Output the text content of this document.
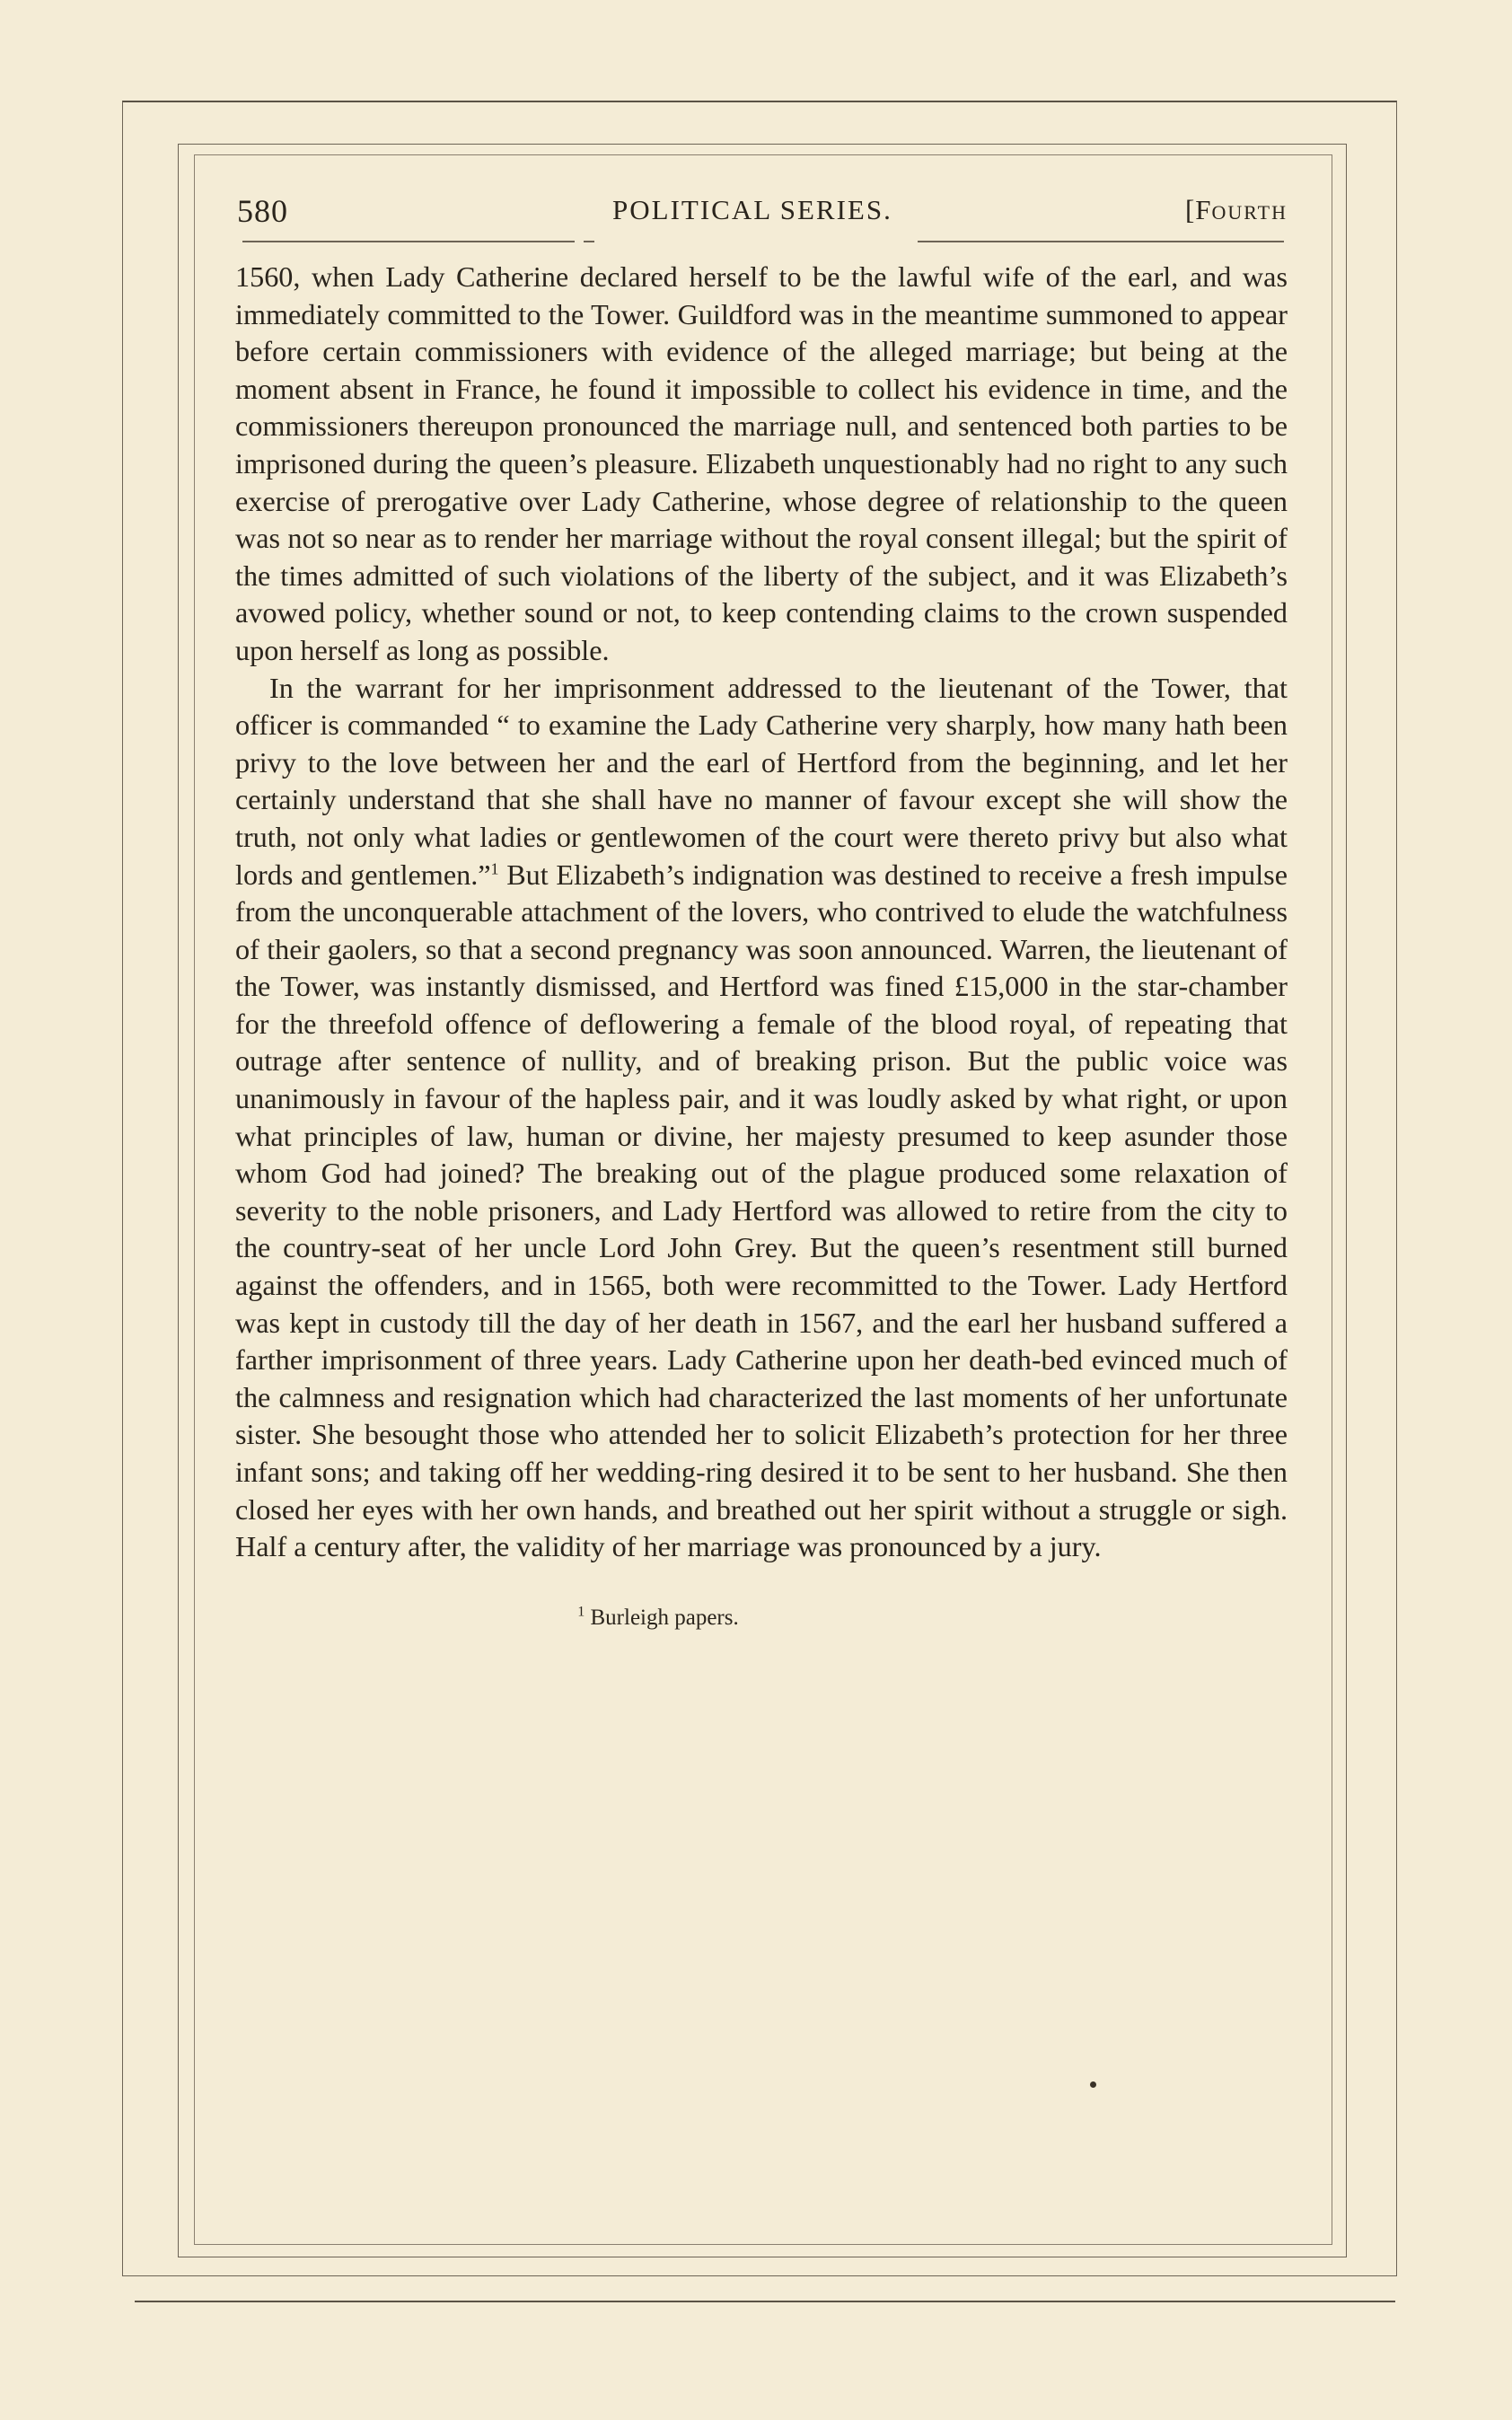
580	POLITICAL SERIES.	[FOURTH

1560, when Lady Catherine declared herself to be the lawful wife of the earl, and was immediately committed to the Tower. Guildford was in the meantime summoned to appear before certain commissioners with evidence of the alleged marriage; but being at the moment absent in France, he found it impossible to collect his evidence in time, and the commissioners thereupon pronounced the marriage null, and sentenced both parties to be imprisoned during the queen’s pleasure. Elizabeth unquestionably had no right to any such exercise of prerogative over Lady Catherine, whose degree of relationship to the queen was not so near as to render her marriage without the royal consent illegal; but the spirit of the times admitted of such violations of the liberty of the subject, and it was Elizabeth’s avowed policy, whether sound or not, to keep contending claims to the crown suspended upon herself as long as possible.

In the warrant for her imprisonment addressed to the lieutenant of the Tower, that officer is commanded “ to examine the Lady Catherine very sharply, how many hath been privy to the love between her and the earl of Hertford from the beginning, and let her certainly understand that she shall have no manner of favour except she will show the truth, not only what ladies or gentlewomen of the court were thereto privy but also what lords and gentlemen.”$^1$ But Elizabeth’s indignation was destined to receive a fresh impulse from the unconquerable attachment of the lovers, who contrived to elude the watchfulness of their gaolers, so that a second pregnancy was soon announced. Warren, the lieutenant of the Tower, was instantly dismissed, and Hertford was fined £15,000 in the star-chamber for the threefold offence of deflowering a female of the blood royal, of repeating that outrage after sentence of nullity, and of breaking prison. But the public voice was unanimously in favour of the hapless pair, and it was loudly asked by what right, or upon what principles of law, human or divine, her majesty presumed to keep asunder those whom God had joined? The breaking out of the plague produced some relaxation of severity to the noble prisoners, and Lady Hertford was allowed to retire from the city to the country-seat of her uncle Lord John Grey. But the queen’s resentment still burned against the offenders, and in 1565, both were recommitted to the Tower. Lady Hertford was kept in custody till the day of her death in 1567, and the earl her husband suffered a farther imprisonment of three years. Lady Catherine upon her death-bed evinced much of the calmness and resignation which had characterized the last moments of her unfortunate sister. She besought those who attended her to solicit Elizabeth’s protection for her three infant sons; and taking off her wedding-ring desired it to be sent to her husband. She then closed her eyes with her own hands, and breathed out her spirit without a struggle or sigh. Half a century after, the validity of her marriage was pronounced by a jury.

$^1$ Burleigh papers.
